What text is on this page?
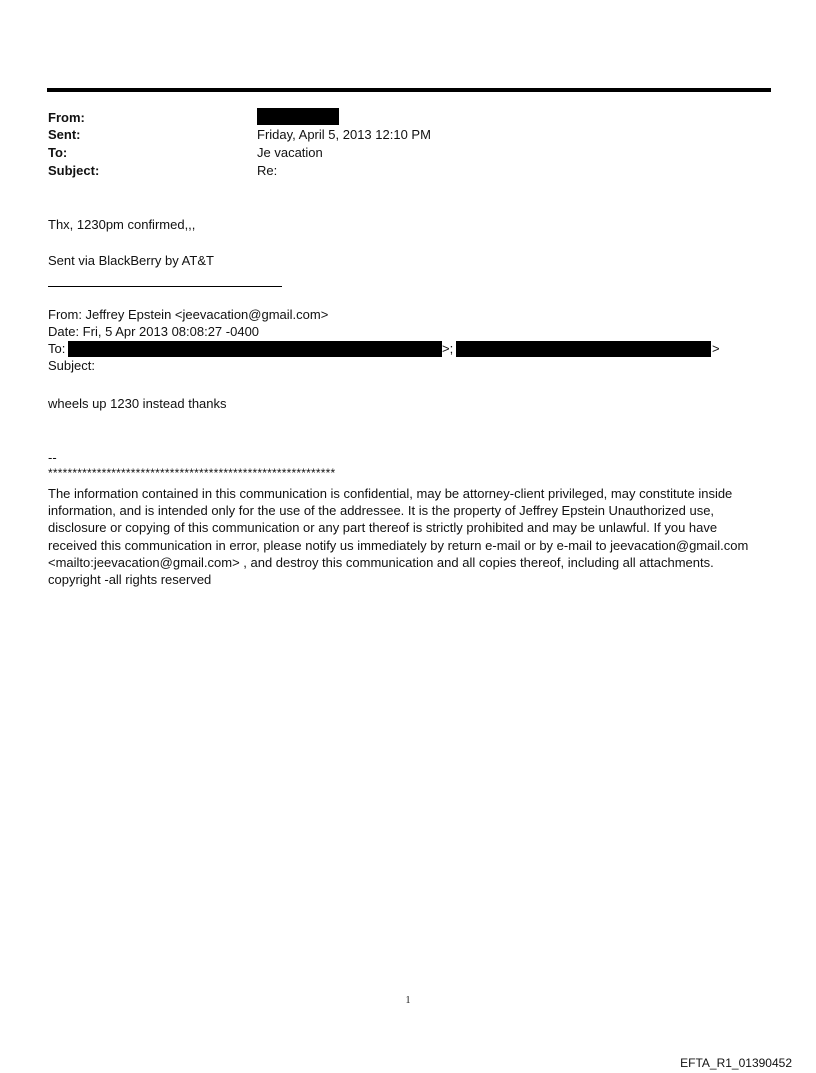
From:
Sent:	Friday, April 5, 2013 12:10 PM
To:	Je vacation
Subject:	Re:
Thx, 1230pm confirmed,,,
Sent via BlackBerry by AT&T
From: Jeffrey Epstein <jeevacation@gmail.com>
Date: Fri, 5 Apr 2013 08:08:27 -0400
To:	>;	>
Subject:
wheels up 1230 instead thanks
--
***********************************************************
The information contained in this communication is confidential, may be attorney-client privileged, may constitute inside information, and is intended only for the use of the addressee. It is the property of Jeffrey Epstein Unauthorized use, disclosure or copying of this communication or any part thereof is strictly prohibited and may be unlawful. If you have received this communication in error, please notify us immediately by return e-mail or by e-mail to jeevacation@gmail.com <mailto:jeevacation@gmail.com> , and destroy this communication and all copies thereof, including all attachments. copyright -all rights reserved
1
EFTA_R1_01390452
